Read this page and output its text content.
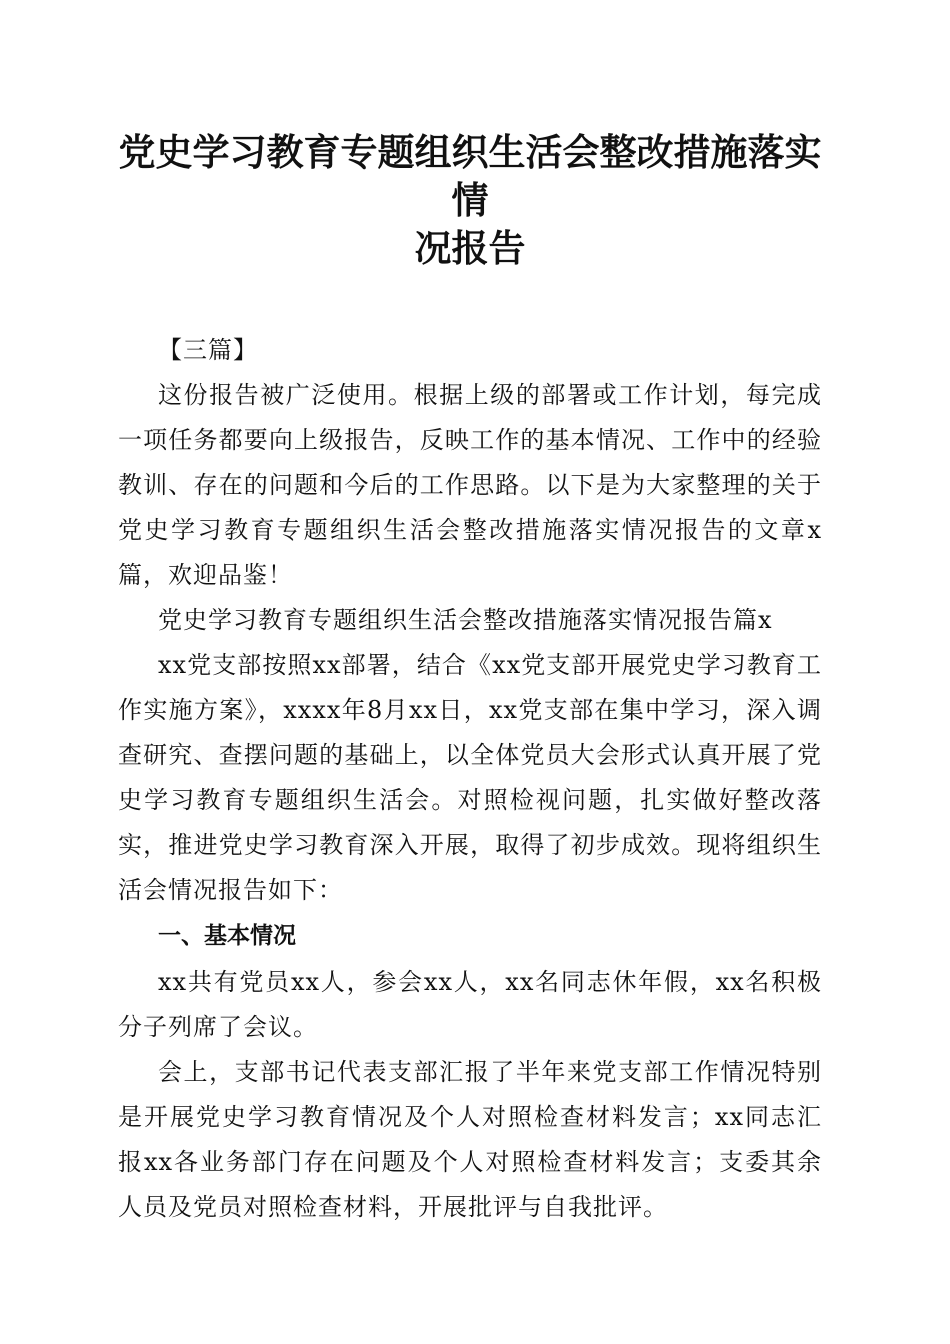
党史学习教育专题组织生活会整改措施落实情
况报告

【三篇】

这份报告被广泛使用。根据上级的部署或工作计划，每完成一项任务都要向上级报告，反映工作的基本情况、工作中的经验教训、存在的问题和今后的工作思路。以下是为大家整理的关于党史学习教育专题组织生活会整改措施落实情况报告的文章x篇，欢迎品鉴！

党史学习教育专题组织生活会整改措施落实情况报告篇x

xx党支部按照xx部署，结合《xx党支部开展党史学习教育工作实施方案》，xxxx年8月xx日，xx党支部在集中学习，深入调查研究、查摆问题的基础上，以全体党员大会形式认真开展了党史学习教育专题组织生活会。对照检视问题，扎实做好整改落实，推进党史学习教育深入开展，取得了初步成效。现将组织生活会情况报告如下：

一、基本情况

xx共有党员xx人，参会xx人，xx名同志休年假，xx名积极分子列席了会议。

会上，支部书记代表支部汇报了半年来党支部工作情况特别是开展党史学习教育情况及个人对照检查材料发言；xx同志汇报xx各业务部门存在问题及个人对照检查材料发言；支委其余人员及党员对照检查材料，开展批评与自我批评。
